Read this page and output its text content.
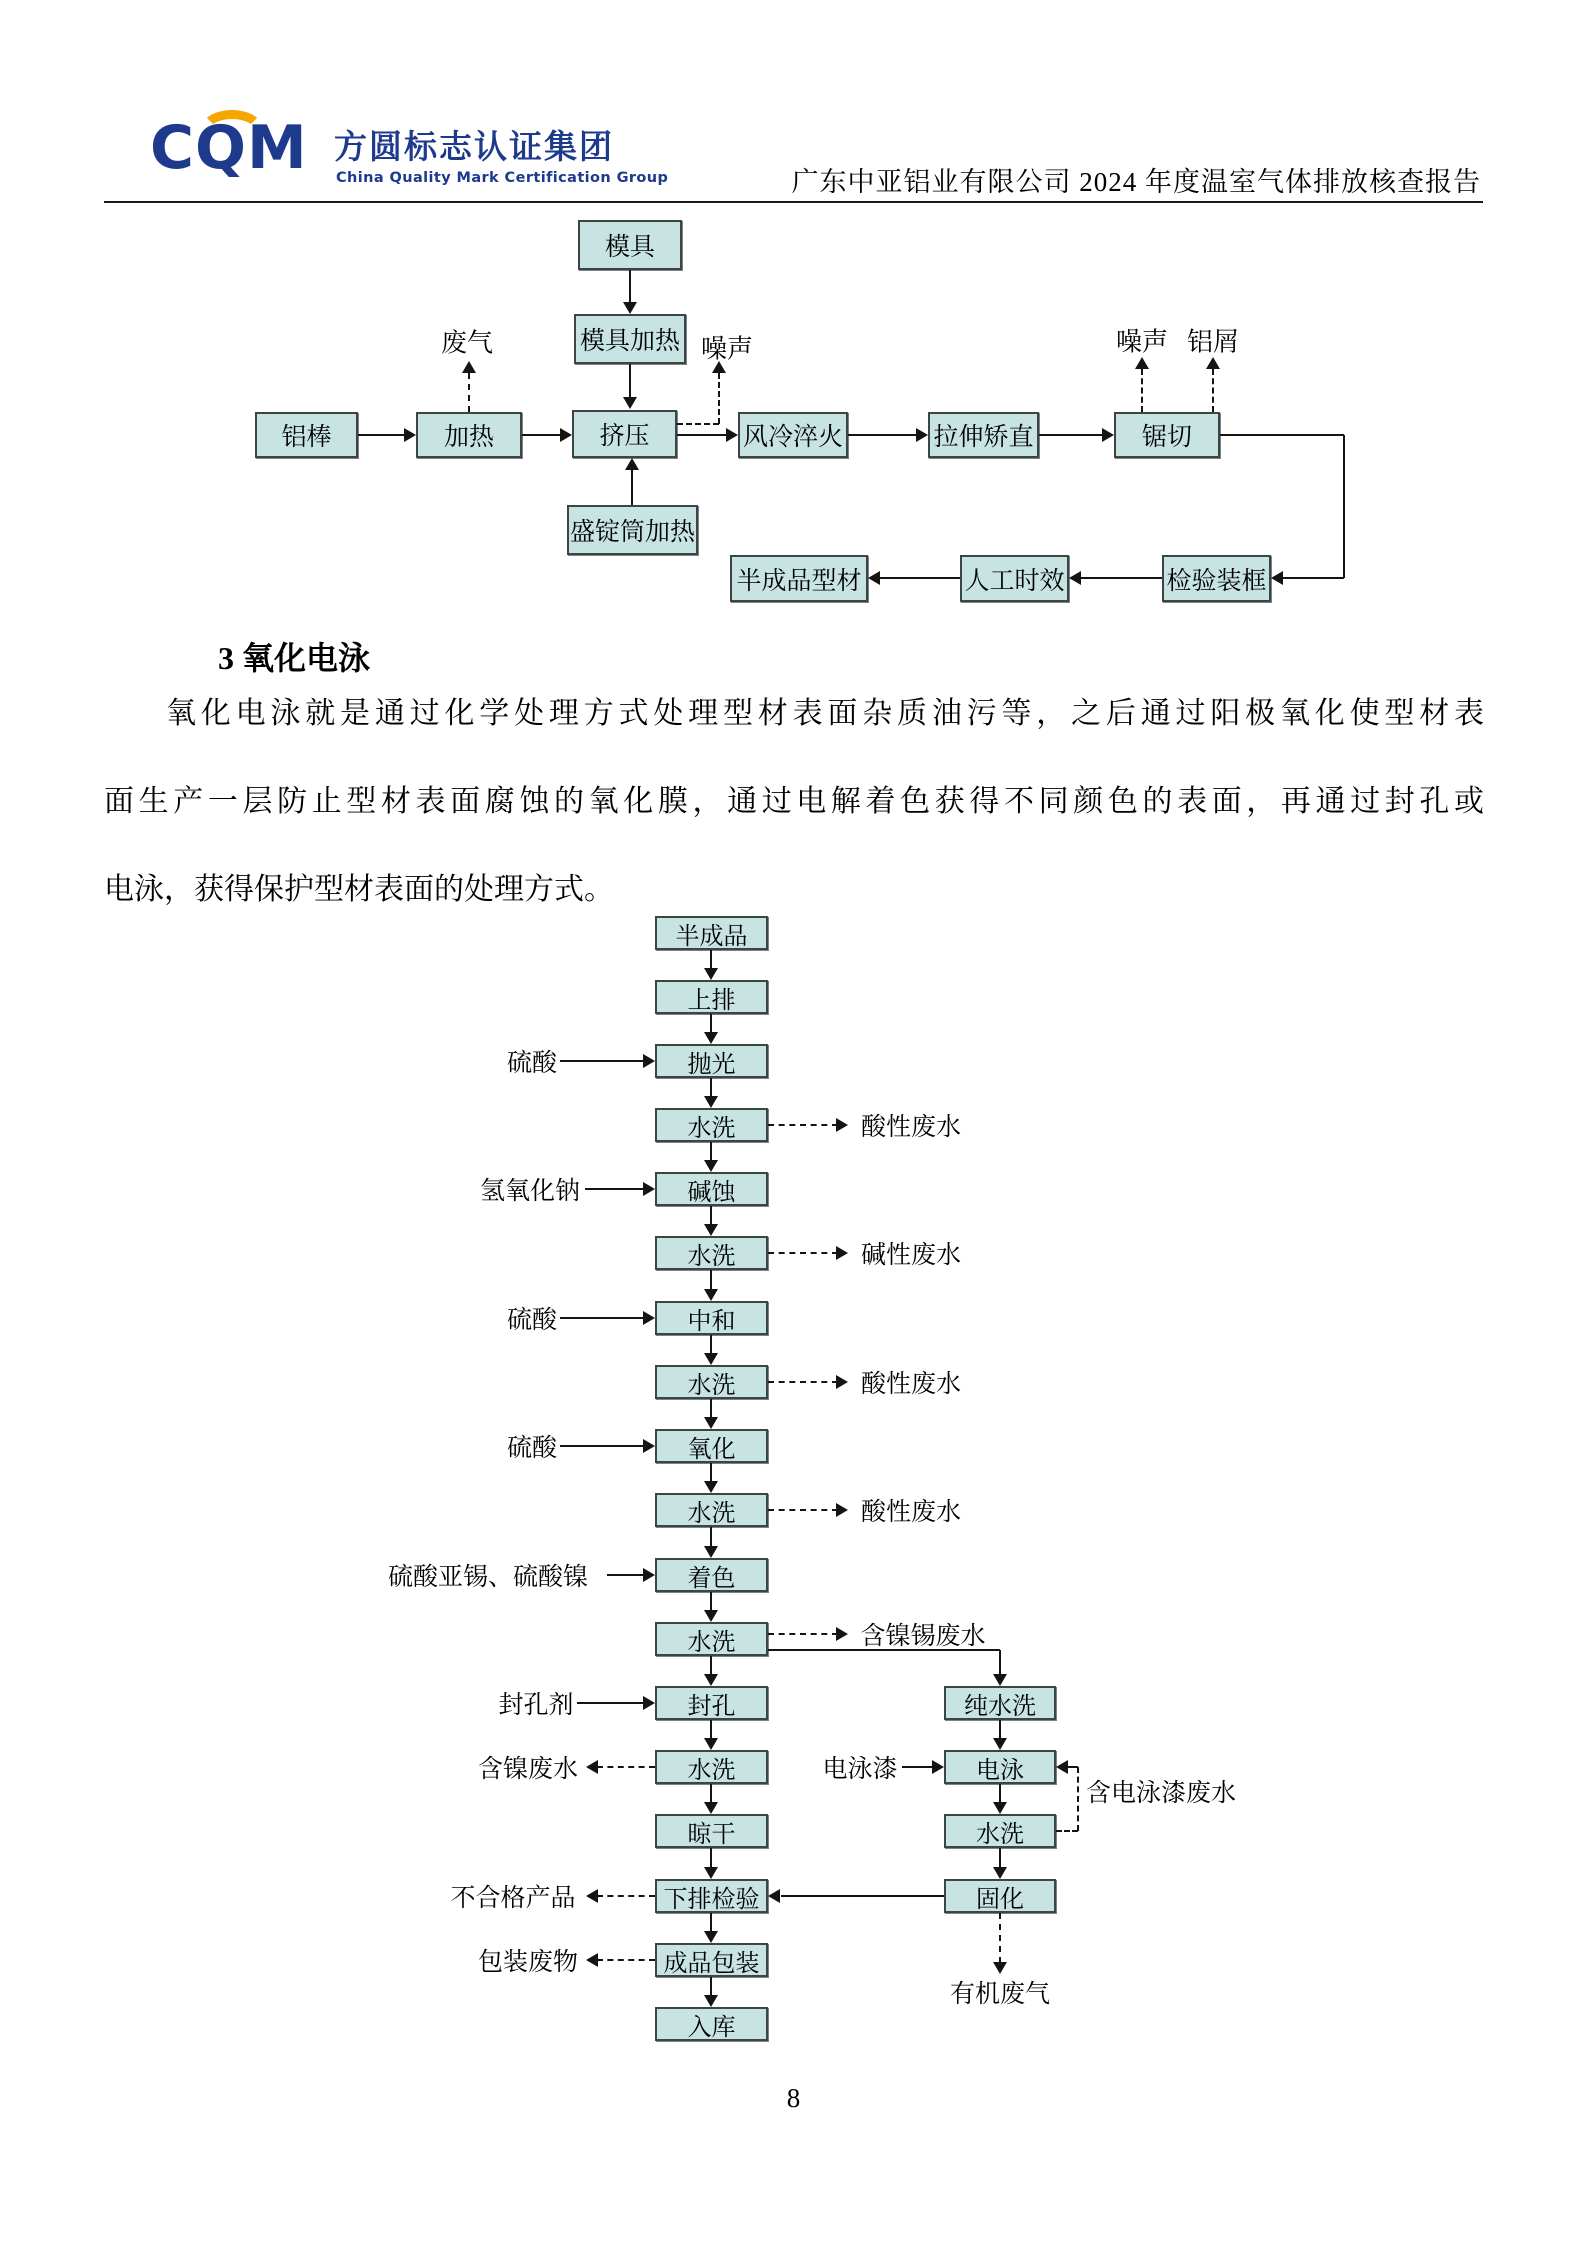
CQM 方圆标志认证集团
China Quality Mark Certification Group	广东中亚铝业有限公司 2024 年度温室气体排放核查报告
模具
模具加热
铝棒	加热	挤压	风冷淬火	拉伸矫直	锯切
盛锭筒加热
半成品型材	人工时效	检验装框
废气	噪声	噪声 铝屑
3 氧化电泳
氧化电泳就是通过化学处理方式处理型材表面杂质油污等，之后通过阳极氧化使型材表
面生产一层防止型材表面腐蚀的氧化膜，通过电解着色获得不同颜色的表面，再通过封孔或
电泳，获得保护型材表面的处理方式。
半成品
上排
抛光
水洗
碱蚀
水洗
中和
水洗
氧化
水洗
着色
水洗
封孔
水洗
晾干
下排检验
成品包装
入库
纯水洗
电泳
水洗
固化
硫酸
氢氧化钠
硫酸
硫酸
硫酸亚锡、硫酸镍
封孔剂
含镍废水	电泳漆
不合格产品
包装废物
酸性废水
碱性废水
酸性废水
酸性废水
含镍锡废水
含电泳漆废水
有机废气
8
